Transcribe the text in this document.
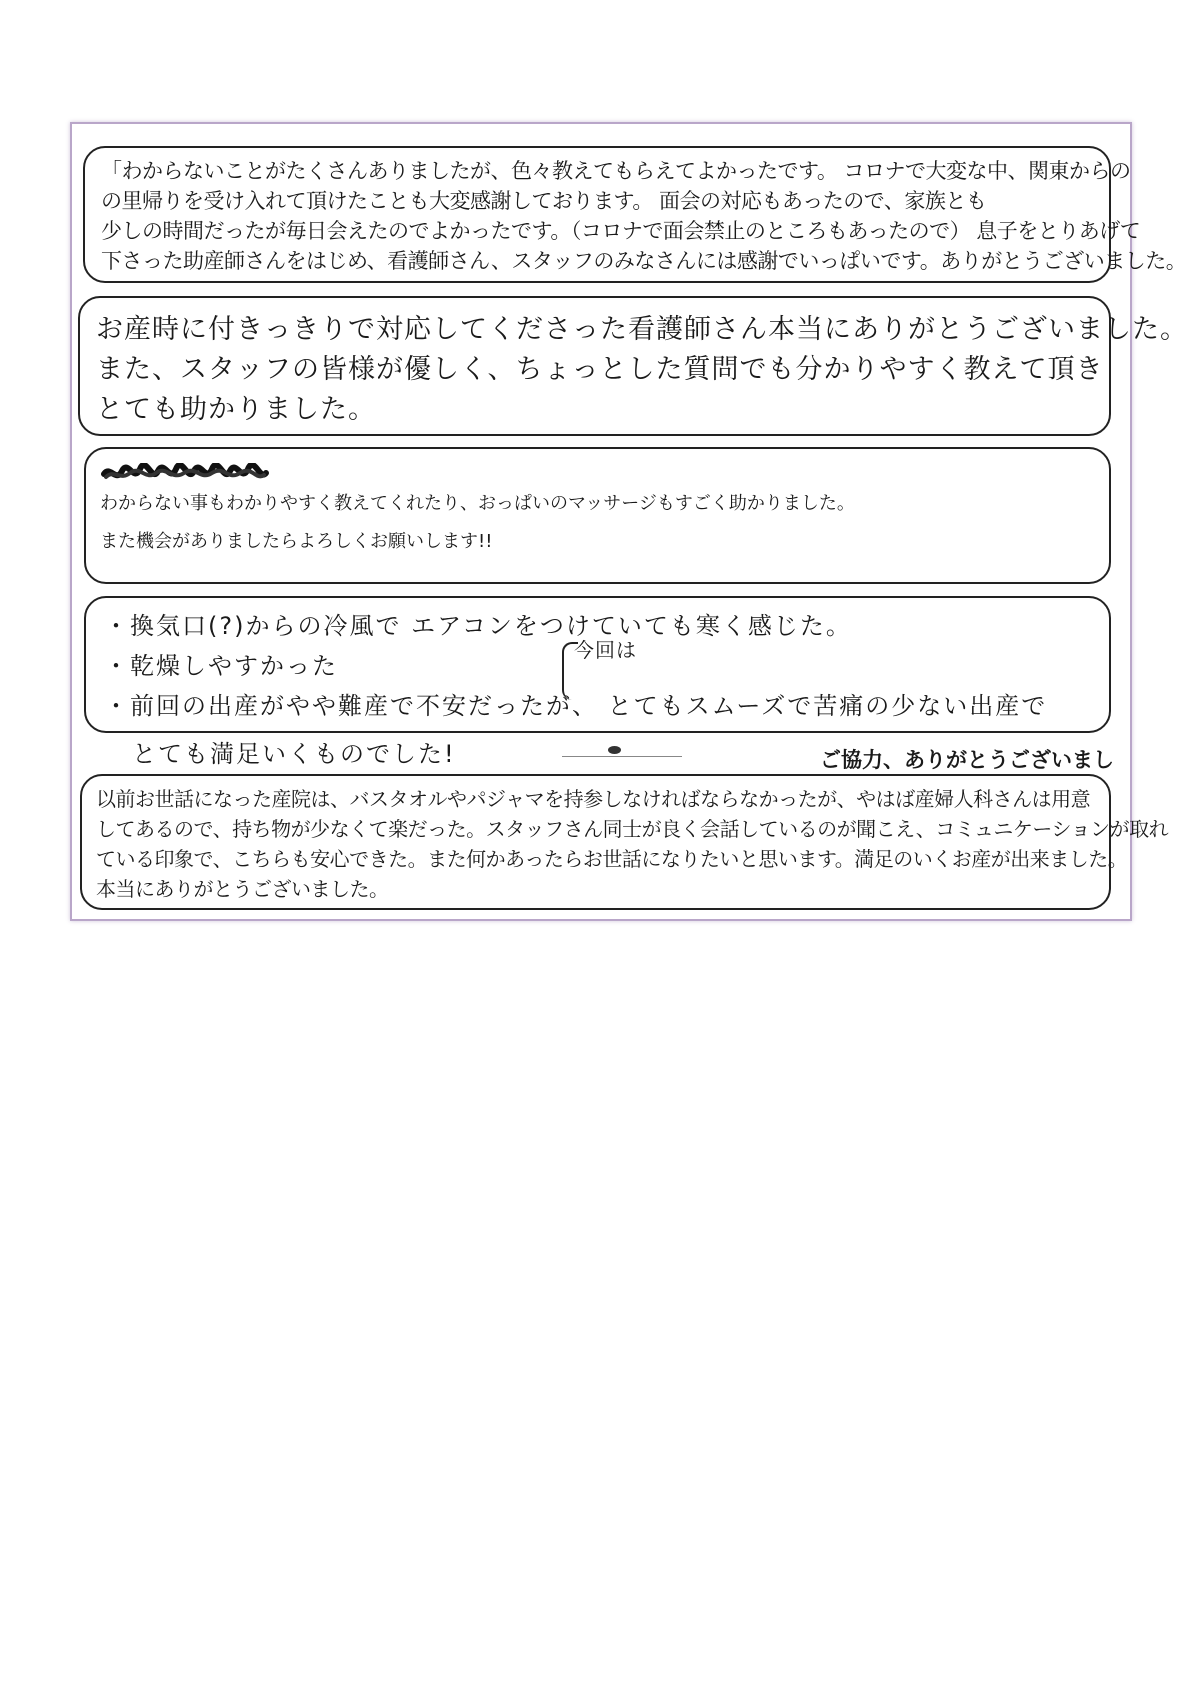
「わからないことがたくさんありましたが、色々教えてもらえてよかったです。 コロナで大変な中、関東からの

の里帰りを受け入れて頂けたことも大変感謝しております。 面会の対応もあったので、家族とも

少しの時間だったが毎日会えたのでよかったです。（コロナで面会禁止のところもあったので） 息子をとりあげて

下さった助産師さんをはじめ、看護師さん、スタッフのみなさんには感謝でいっぱいです。ありがとうございました。

お産時に付きっきりで対応してくださった看護師さん本当にありがとうございました。

また、スタッフの皆様が優しく、ちょっとした質問でも分かりやすく教えて頂き

とても助かりました。

わからない事もわかりやすく教えてくれたり、おっぱいのマッサージもすごく助かりました。

また機会がありましたらよろしくお願いします!!

・換気口(?)からの冷風で エアコンをつけていても寒く感じた。

・乾燥しやすかった

・前回の出産がやや難産で不安だったが、 とてもスムーズで苦痛の少ない出産で

今回は
とても満足いくものでした!	ご協力、ありがとうございまし

以前お世話になった産院は、バスタオルやパジャマを持参しなければならなかったが、やはば産婦人科さんは用意

してあるので、持ち物が少なくて楽だった。スタッフさん同士が良く会話しているのが聞こえ、コミュニケーションが取れ

ている印象で、こちらも安心できた。また何かあったらお世話になりたいと思います。満足のいくお産が出来ました。

本当にありがとうございました。
